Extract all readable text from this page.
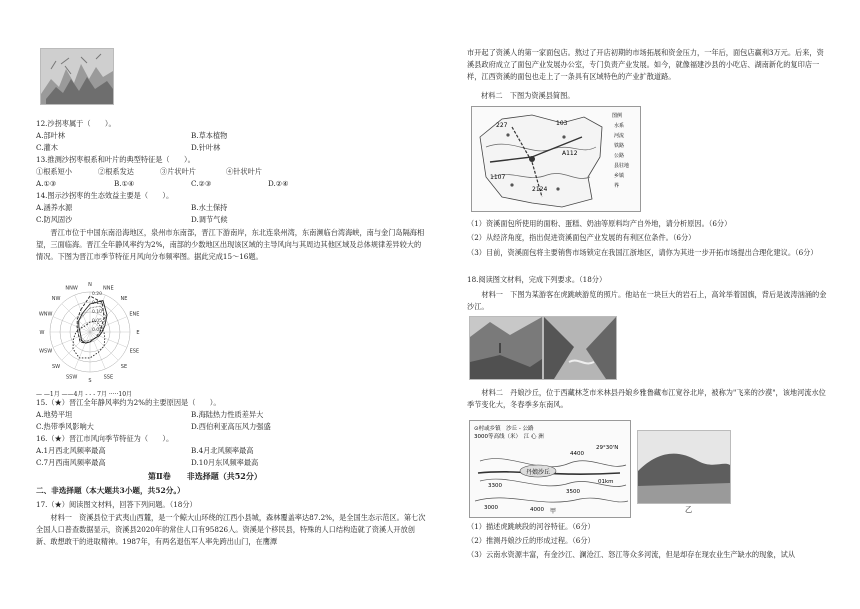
12.沙拐枣属于（　　）。
A.部叶林	B.草本植物
C.灌木	D.针叶林
13.推测沙拐枣根系和叶片的典型特征是（　　）。
①根系短小	②根系发达	③片状叶片	④针状叶片
A.①③	B.①④	C.②③	D.②④
14.图示沙拐枣的生态效益主要是（　　）。
A.涵养水源	B.水土保持
C.防风固沙	D.调节气候
晋江市位于中国东南沿海地区，泉州市东南部，晋江下游南岸，东北连泉州湾，东南濒临台湾海峡，南与金门岛隔海相望，三面临海。晋江全年静风率约为2%，南部的少数地区出现该区域的主导风向与其周边其他区域及总体规律差异较大的情况。下图为晋江市季节特征月风向分布频率图。据此完成15～16题。
NNW
N
NNE
NE
ENE
E
ESE
SE
SSE
S
SSW
SW
WSW
W
WNW
NW
0.20
0.15
0.10
0.05
0.01
— —1月 ——4月 - - - 7月 ·····10月
15.（★）晋江全年静风率约为2%的主要原因是（　　）。
A.地势平坦	B.海陆热力性质差异大
C.热带季风影响大	D.西伯利亚高压风力强盛
16.（★）晋江市风向季节特征为（　　）。
A.1月西北风频率最高	B.4月北风频率最高
C.7月西南风频率最高	D.10月东风频率最高
第Ⅱ卷　　非选择题（共52分）
二、非选择题（本大题共3小题，共52分。）
17.（★）阅读图文材料，回答下列问题。（18分）
材料一　资溪县位于武夷山西麓，是一个鲸大山环绕的江西小县城，森林覆盖率达87.2%，是全国生态示范区。第七次全国人口普查数据显示，资溪县2020年的常住人口有95826人。资溪是个移民县，特殊的人口结构造就了资溪人开放创新、敢想敢干的进取精神。1987年，有两名退伍军人率先跨出山门，在鹰潭
市开起了资溪人的第一家面包店。熬过了开店初期的市场拓展和资金压力，一年后，面包店赢利3万元。后来，资溪县政府成立了面包产业发展办公室，专门负责产业发展。如今，就像福建沙县的小吃店、湖南新化的复印店一样，江西资溪的面包也走上了一条具有区域特色的产业扩散道路。
材料二　下图为资溪县简图。
227	103
A112
1107
2124
图例
水系
河流
铁路
公路
县驻地
乡镇
界
（1）资溪面包所使用的面粉、蛋糕、奶油等原料均产自外地，请分析原因。（6分）
（2）从经济角度，指出促进资溪面包产业发展的有利区位条件。（6分）
（3）目前，资溪面包将主要销售市场锁定在我国江浙地区，请你为其进一步开拓市场提出合理化建议。（6分）
18.阅读图文材料，完成下列要求。（18分）
材料一　下图为某游客在虎跳峡游览的照片。他站在一块巨大的岩石上，高耸举着国旗，背后是波涛汹涌的金沙江。
材料二　丹娘沙丘，位于西藏林芝市米林县丹娘乡雅鲁藏布江宽谷北岸，被称为"飞来的沙漠"，该地河流水位季节变化大，冬春季多东南风。
⊙村或乡镇　沙丘 - 公路
3000等高线（米）　江 心 洲
丹娘沙丘
4400
3300
3500
3000	4000
29°30'N
01km
甲	乙
（1）描述虎跳峡段的河谷特征。（6分）
（2）推测丹娘沙丘的形成过程。（6分）
（3）云南水资源丰富，有金沙江、澜沧江、怒江等众多河流，但是却存在现农业生产缺水的现象，试从
